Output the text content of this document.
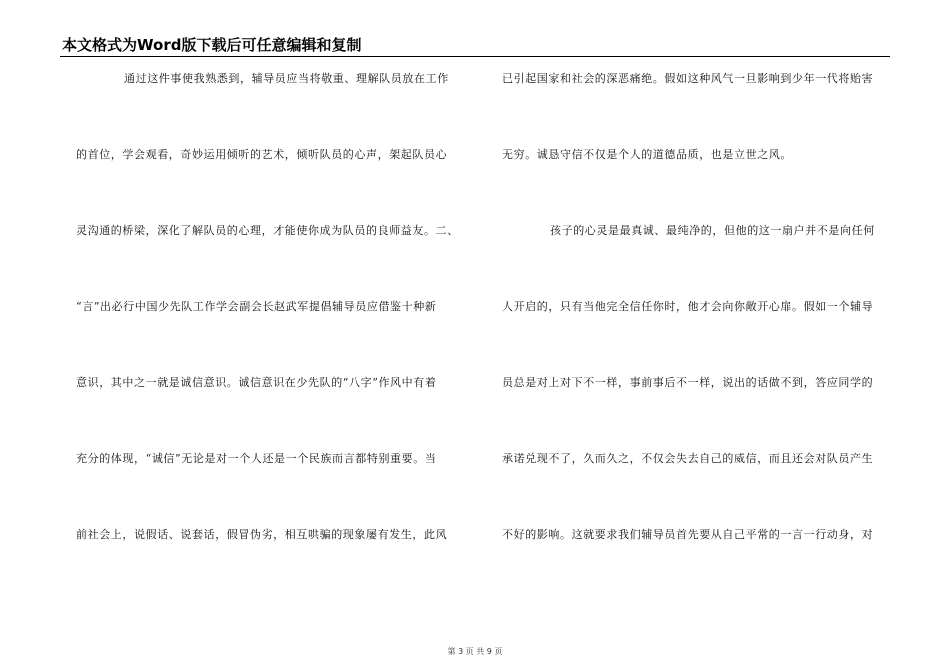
本文格式为Word版下载后可任意编辑和复制
通过这件事使我熟悉到，辅导员应当将敬重、理解队员放在工作
的首位，学会观看，奇妙运用倾听的艺术，倾听队员的心声，架起队员心
灵沟通的桥梁，深化了解队员的心理，才能使你成为队员的良师益友。二、
“言”出必行中国少先队工作学会副会长赵武军提倡辅导员应借鉴十种新
意识，其中之一就是诚信意识。诚信意识在少先队的“八字”作风中有着
充分的体现，“诚信”无论是对一个人还是一个民族而言都特别重要。当
前社会上，说假话、说套话，假冒伪劣，相互哄骗的现象屡有发生，此风
已引起国家和社会的深恶痛绝。假如这种风气一旦影响到少年一代将贻害
无穷。诚恳守信不仅是个人的道德品质，也是立世之风。
孩子的心灵是最真诚、最纯净的，但他的这一扇户并不是向任何
人开启的，只有当他完全信任你时，他才会向你敞开心扉。假如一个辅导
员总是对上对下不一样，事前事后不一样，说出的话做不到，答应同学的
承诺兑现不了，久而久之，不仅会失去自己的威信，而且还会对队员产生
不好的影响。这就要求我们辅导员首先要从自己平常的一言一行动身，对
第 3 页 共 9 页
